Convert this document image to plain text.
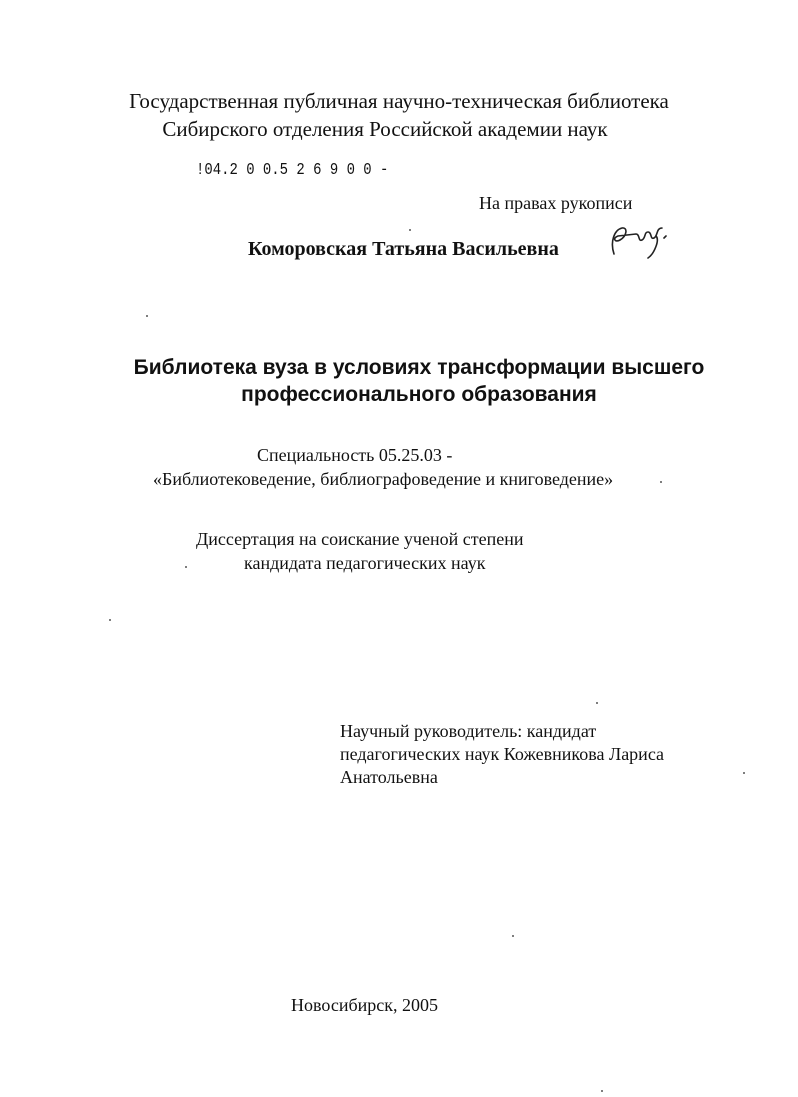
Государственная публичная научно-техническая библиотека
Сибирского отделения Российской академии наук
!04.2 0 0.5 2 6 9 0 0 -
На правах рукописи
Коморовская Татьяна Васильевна
Библиотека вуза в условиях трансформации высшего
профессионального образования
Специальность 05.25.03 -
«Библиотековедение, библиографоведение и книговедение»
Диссертация на соискание ученой степени
кандидата педагогических наук
Научный руководитель: кандидат
педагогических наук Кожевникова Лариса
Анатольевна
Новосибирск, 2005
